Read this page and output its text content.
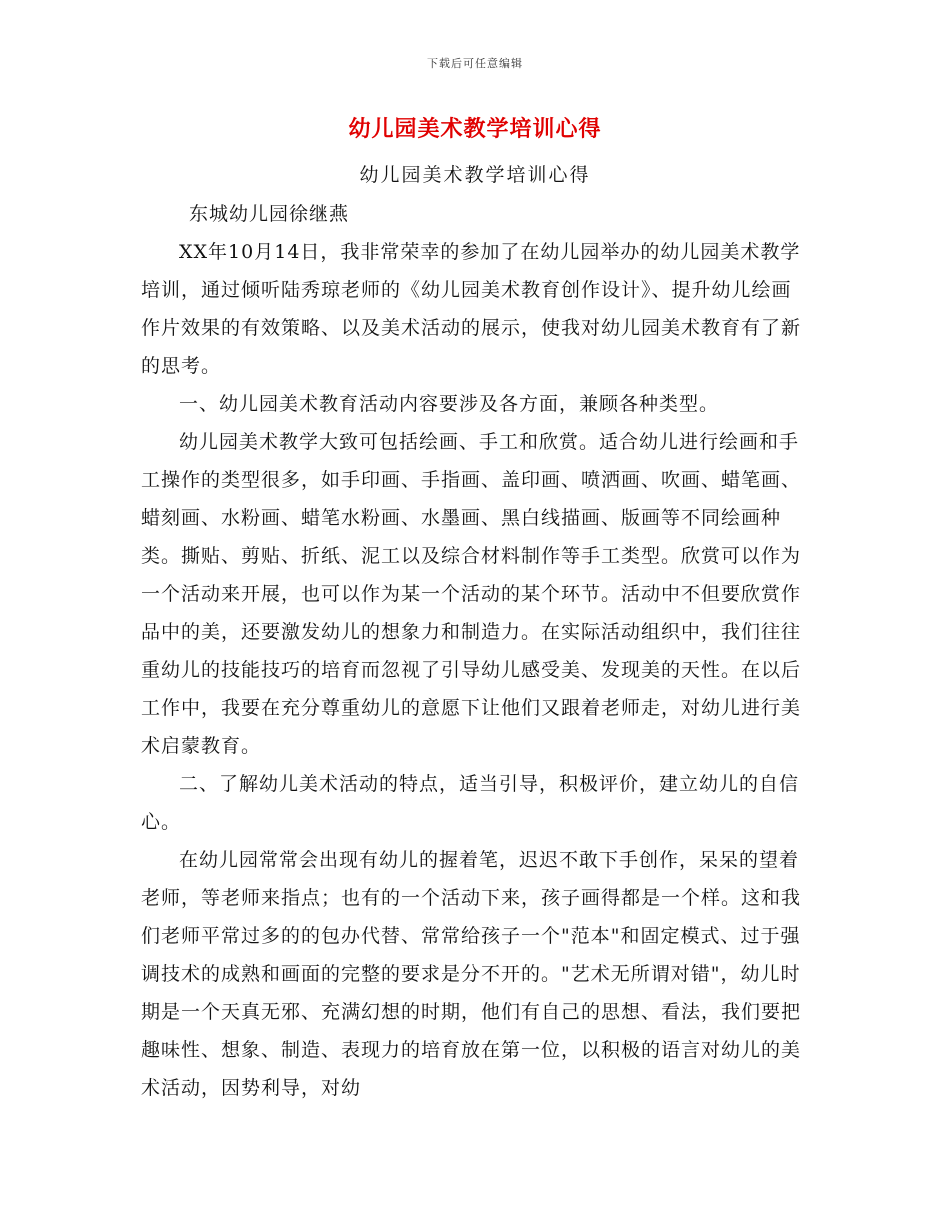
下载后可任意编辑
幼儿园美术教学培训心得
幼儿园美术教学培训心得

东城幼儿园徐继燕

XX年10月14日，我非常荣幸的参加了在幼儿园举办的幼儿园美术教学培训，通过倾听陆秀琼老师的《幼儿园美术教育创作设计》、提升幼儿绘画作片效果的有效策略、以及美术活动的展示，使我对幼儿园美术教育有了新的思考。

一、幼儿园美术教育活动内容要涉及各方面，兼顾各种类型。

幼儿园美术教学大致可包括绘画、手工和欣赏。适合幼儿进行绘画和手工操作的类型很多，如手印画、手指画、盖印画、喷洒画、吹画、蜡笔画、蜡刻画、水粉画、蜡笔水粉画、水墨画、黑白线描画、版画等不同绘画种类。撕贴、剪贴、折纸、泥工以及综合材料制作等手工类型。欣赏可以作为一个活动来开展，也可以作为某一个活动的某个环节。活动中不但要欣赏作品中的美，还要激发幼儿的想象力和制造力。在实际活动组织中，我们往往重幼儿的技能技巧的培育而忽视了引导幼儿感受美、发现美的天性。在以后工作中，我要在充分尊重幼儿的意愿下让他们又跟着老师走，对幼儿进行美术启蒙教育。

二、了解幼儿美术活动的特点，适当引导，积极评价，建立幼儿的自信心。

在幼儿园常常会出现有幼儿的握着笔，迟迟不敢下手创作，呆呆的望着老师，等老师来指点；也有的一个活动下来，孩子画得都是一个样。这和我们老师平常过多的的包办代替、常常给孩子一个"范本"和固定模式、过于强调技术的成熟和画面的完整的要求是分不开的。"艺术无所谓对错"，幼儿时期是一个天真无邪、充满幻想的时期，他们有自己的思想、看法，我们要把趣味性、想象、制造、表现力的培育放在第一位，以积极的语言对幼儿的美术活动，因势利导，对幼
